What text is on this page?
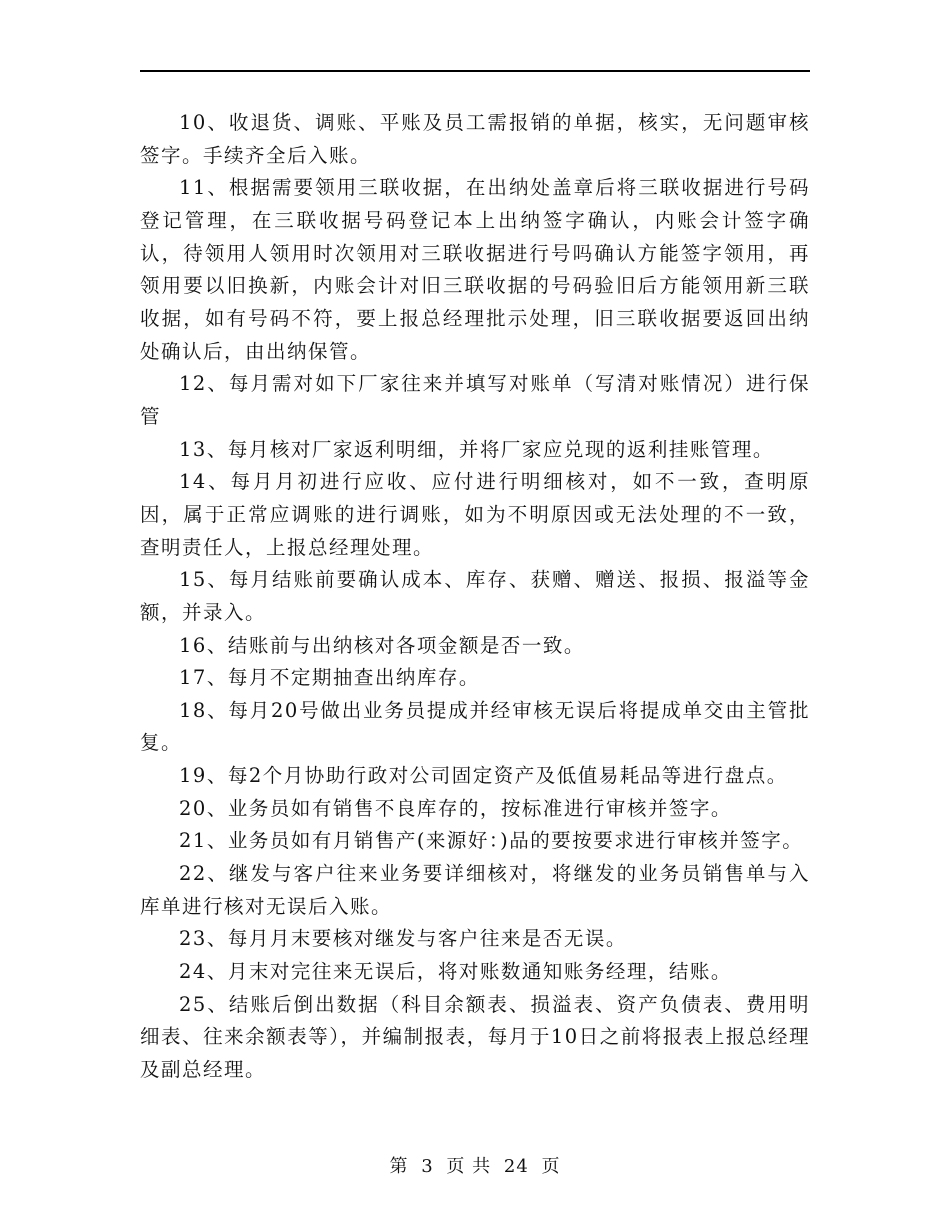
10、收退货、调账、平账及员工需报销的单据，核实，无问题审核签字。手续齐全后入账。

11、根据需要领用三联收据，在出纳处盖章后将三联收据进行号码登记管理，在三联收据号码登记本上出纳签字确认，内账会计签字确认，待领用人领用时次领用对三联收据进行号吗确认方能签字领用，再领用要以旧换新，内账会计对旧三联收据的号码验旧后方能领用新三联收据，如有号码不符，要上报总经理批示处理，旧三联收据要返回出纳处确认后，由出纳保管。

12、每月需对如下厂家往来并填写对账单（写清对账情况）进行保管

13、每月核对厂家返利明细，并将厂家应兑现的返利挂账管理。

14、每月月初进行应收、应付进行明细核对，如不一致，查明原因，属于正常应调账的进行调账，如为不明原因或无法处理的不一致，查明责任人，上报总经理处理。

15、每月结账前要确认成本、库存、获赠、赠送、报损、报溢等金额，并录入。

16、结账前与出纳核对各项金额是否一致。

17、每月不定期抽查出纳库存。

18、每月20号做出业务员提成并经审核无误后将提成单交由主管批复。

19、每2个月协助行政对公司固定资产及低值易耗品等进行盘点。

20、业务员如有销售不良库存的，按标准进行审核并签字。

21、业务员如有月销售产(来源好：)品的要按要求进行审核并签字。

22、继发与客户往来业务要详细核对，将继发的业务员销售单与入库单进行核对无误后入账。

23、每月月末要核对继发与客户往来是否无误。

24、月末对完往来无误后，将对账数通知账务经理，结账。

25、结账后倒出数据（科目余额表、损溢表、资产负债表、费用明细表、往来余额表等），并编制报表，每月于10日之前将报表上报总经理及副总经理。

第 3 页 共 24 页
